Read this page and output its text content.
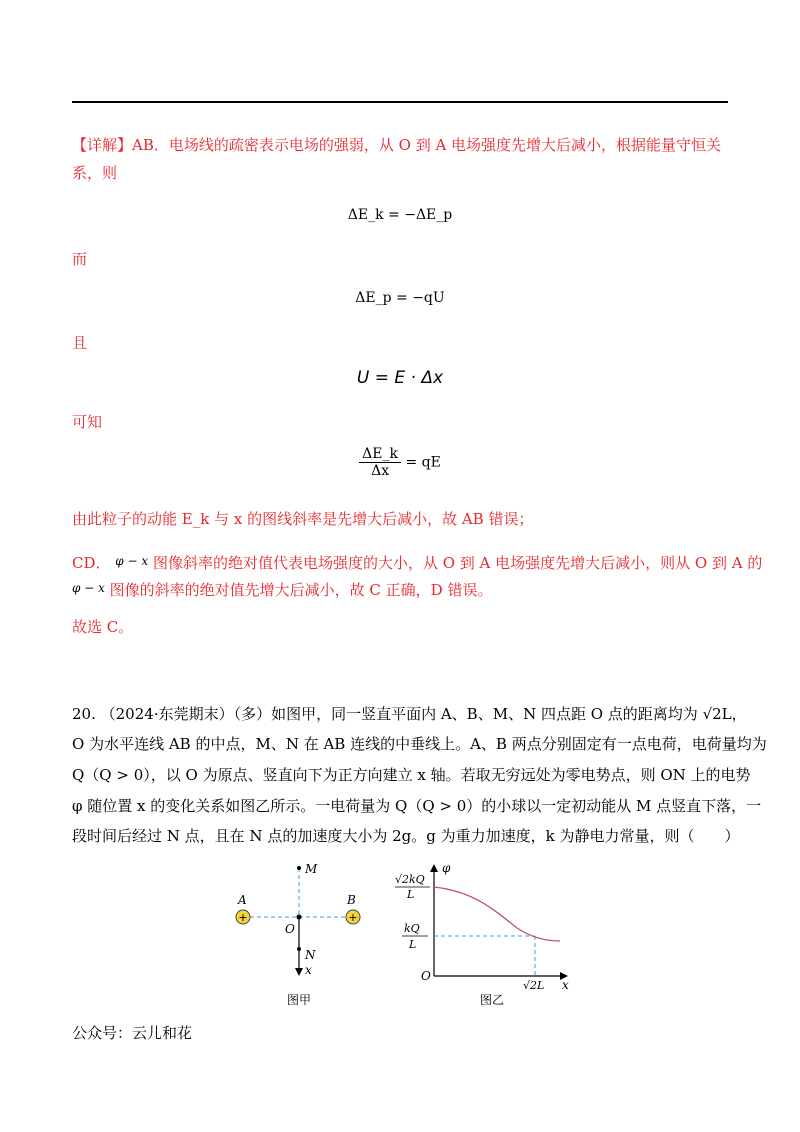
【详解】AB．电场线的疏密表示电场的强弱，从 O 到 A 电场强度先增大后减小，根据能量守恒关
系，则
ΔE_k = −ΔE_p
而
ΔE_p = −qU
且
U = E · Δx
可知
$\frac{\Delta E\_k}{\Delta x}$ = qE
由此粒子的动能 E_k 与 x 的图线斜率是先增大后减小，故 AB 错误；
CD． $^{\varphi - x}$ 图像斜率的绝对值代表电场强度的大小，从 O 到 A 电场强度先增大后减小，则从 O 到 A 的
$^{\varphi - x}$ 图像的斜率的绝对值先增大后减小，故 C 正确，D 错误。
故选 C。
20. （2024·东莞期末）（多）如图甲，同一竖直平面内 A、B、M、N 四点距 O 点的距离均为 √2L，
O 为水平连线 AB 的中点，M、N 在 AB 连线的中垂线上。A、B 两点分别固定有一点电荷，电荷量均为
Q（Q > 0），以 O 为原点、竖直向下为正方向建立 x 轴。若取无穷远处为零电势点，则 ON 上的电势
φ 随位置 x 的变化关系如图乙所示。一电荷量为 Q（Q > 0）的小球以一定初动能从 M 点竖直下落，一
段时间后经过 N 点，且在 N 点的加速度大小为 2g。g 为重力加速度，k 为静电力常量，则（　　）
+	+
M
A	B
O
N
x
图甲
φ
√2kQ
L
kQ
L
O
√2L x
图乙
公众号：云儿和花
